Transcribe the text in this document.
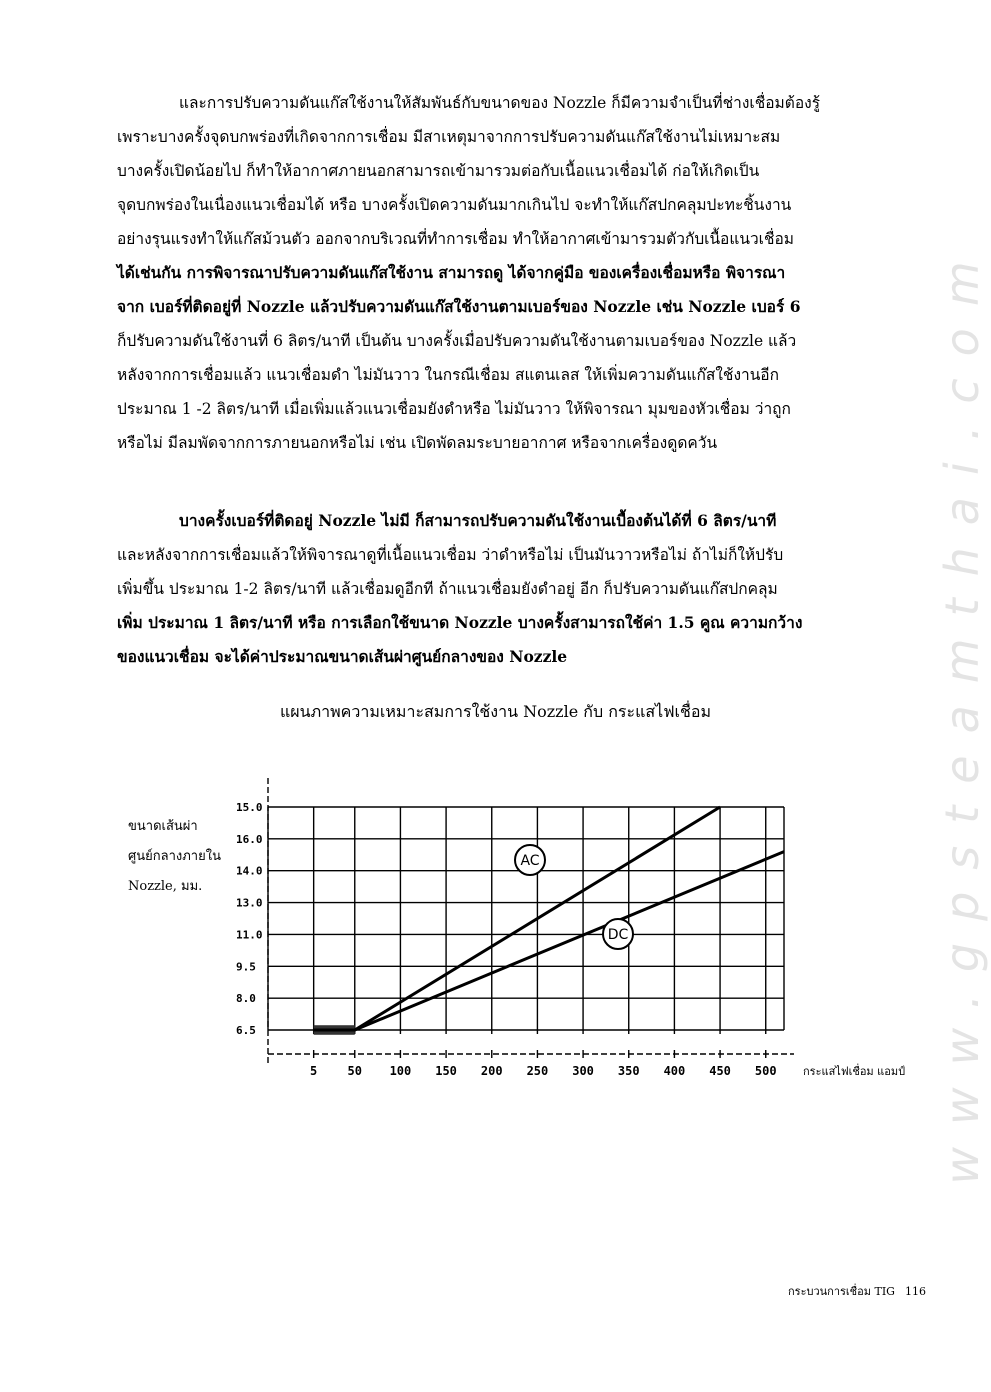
และการปรับความดันแก๊สใช้งานให้สัมพันธ์กับขนาดของ Nozzle ก็มีความจำเป็นที่ช่างเชื่อมต้องรู้
เพราะบางครั้งจุดบกพร่องที่เกิดจากการเชื่อม มีสาเหตุมาจากการปรับความดันแก๊สใช้งานไม่เหมาะสม
บางครั้งเปิดน้อยไป ก็ทำให้อากาศภายนอกสามารถเข้ามารวมต่อกับเนื้อแนวเชื่อมได้ ก่อให้เกิดเป็น
จุดบกพร่องในเนื่องแนวเชื่อมได้ หรือ บางครั้งเปิดความดันมากเกินไป จะทำให้แก๊สปกคลุมปะทะชิ้นงาน
อย่างรุนแรงทำให้แก๊สม้วนตัว ออกจากบริเวณที่ทำการเชื่อม ทำให้อากาศเข้ามารวมตัวกับเนื้อแนวเชื่อม
ได้เช่นกัน การพิจารณาปรับความดันแก๊สใช้งาน สามารถดู ได้จากคู่มือ ของเครื่องเชื่อมหรือ พิจารณา
จาก เบอร์ที่ติดอยู่ที่ Nozzle แล้วปรับความดันแก๊สใช้งานตามเบอร์ของ Nozzle เช่น Nozzle เบอร์ 6
ก็ปรับความดันใช้งานที่ 6 ลิตร/นาที เป็นต้น บางครั้งเมื่อปรับความดันใช้งานตามเบอร์ของ Nozzle แล้ว
หลังจากการเชื่อมแล้ว แนวเชื่อมดำ ไม่มันวาว ในกรณีเชื่อม สแตนเลส ให้เพิ่มความดันแก๊สใช้งานอีก
ประมาณ 1 -2 ลิตร/นาที เมื่อเพิ่มแล้วแนวเชื่อมยังดำหรือ ไม่มันวาว ให้พิจารณา มุมของหัวเชื่อม ว่าถูก
หรือไม่ มีลมพัดจากการภายนอกหรือไม่ เช่น เปิดพัดลมระบายอากาศ หรือจากเครื่องดูดควัน
บางครั้งเบอร์ที่ติดอยู่ Nozzle ไม่มี ก็สามารถปรับความดันใช้งานเบื้องต้นได้ที่ 6 ลิตร/นาที
และหลังจากการเชื่อมแล้วให้พิจารณาดูที่เนื้อแนวเชื่อม ว่าดำหรือไม่ เป็นมันวาวหรือไม่ ถ้าไม่ก็ให้ปรับ
เพิ่มขึ้น ประมาณ 1-2 ลิตร/นาที แล้วเชื่อมดูอีกที ถ้าแนวเชื่อมยังดำอยู่ อีก ก็ปรับความดันแก๊สปกคลุม
เพิ่ม ประมาณ 1 ลิตร/นาที หรือ การเลือกใช้ขนาด Nozzle บางครั้งสามารถใช้ค่า 1.5 คูณ ความกว้าง
ของแนวเชื่อม จะได้ค่าประมาณขนาดเส้นผ่าศูนย์กลางของ Nozzle
แผนภาพความเหมาะสมการใช้งาน Nozzle กับ กระแสไฟเชื่อม
5	50 100 150 200 250 300 350 400 450 500
6.5
8.0
9.5
11.0
13.0
14.0
16.0
15.0
AC
DC
ขนาดเส้นผ่า
ศูนย์กลางภายใน
Nozzle, มม.
กระแสไฟเชื่อม แอมป์
กระบวนการเชื่อม TIG 116
www.gpsteamthai.com
